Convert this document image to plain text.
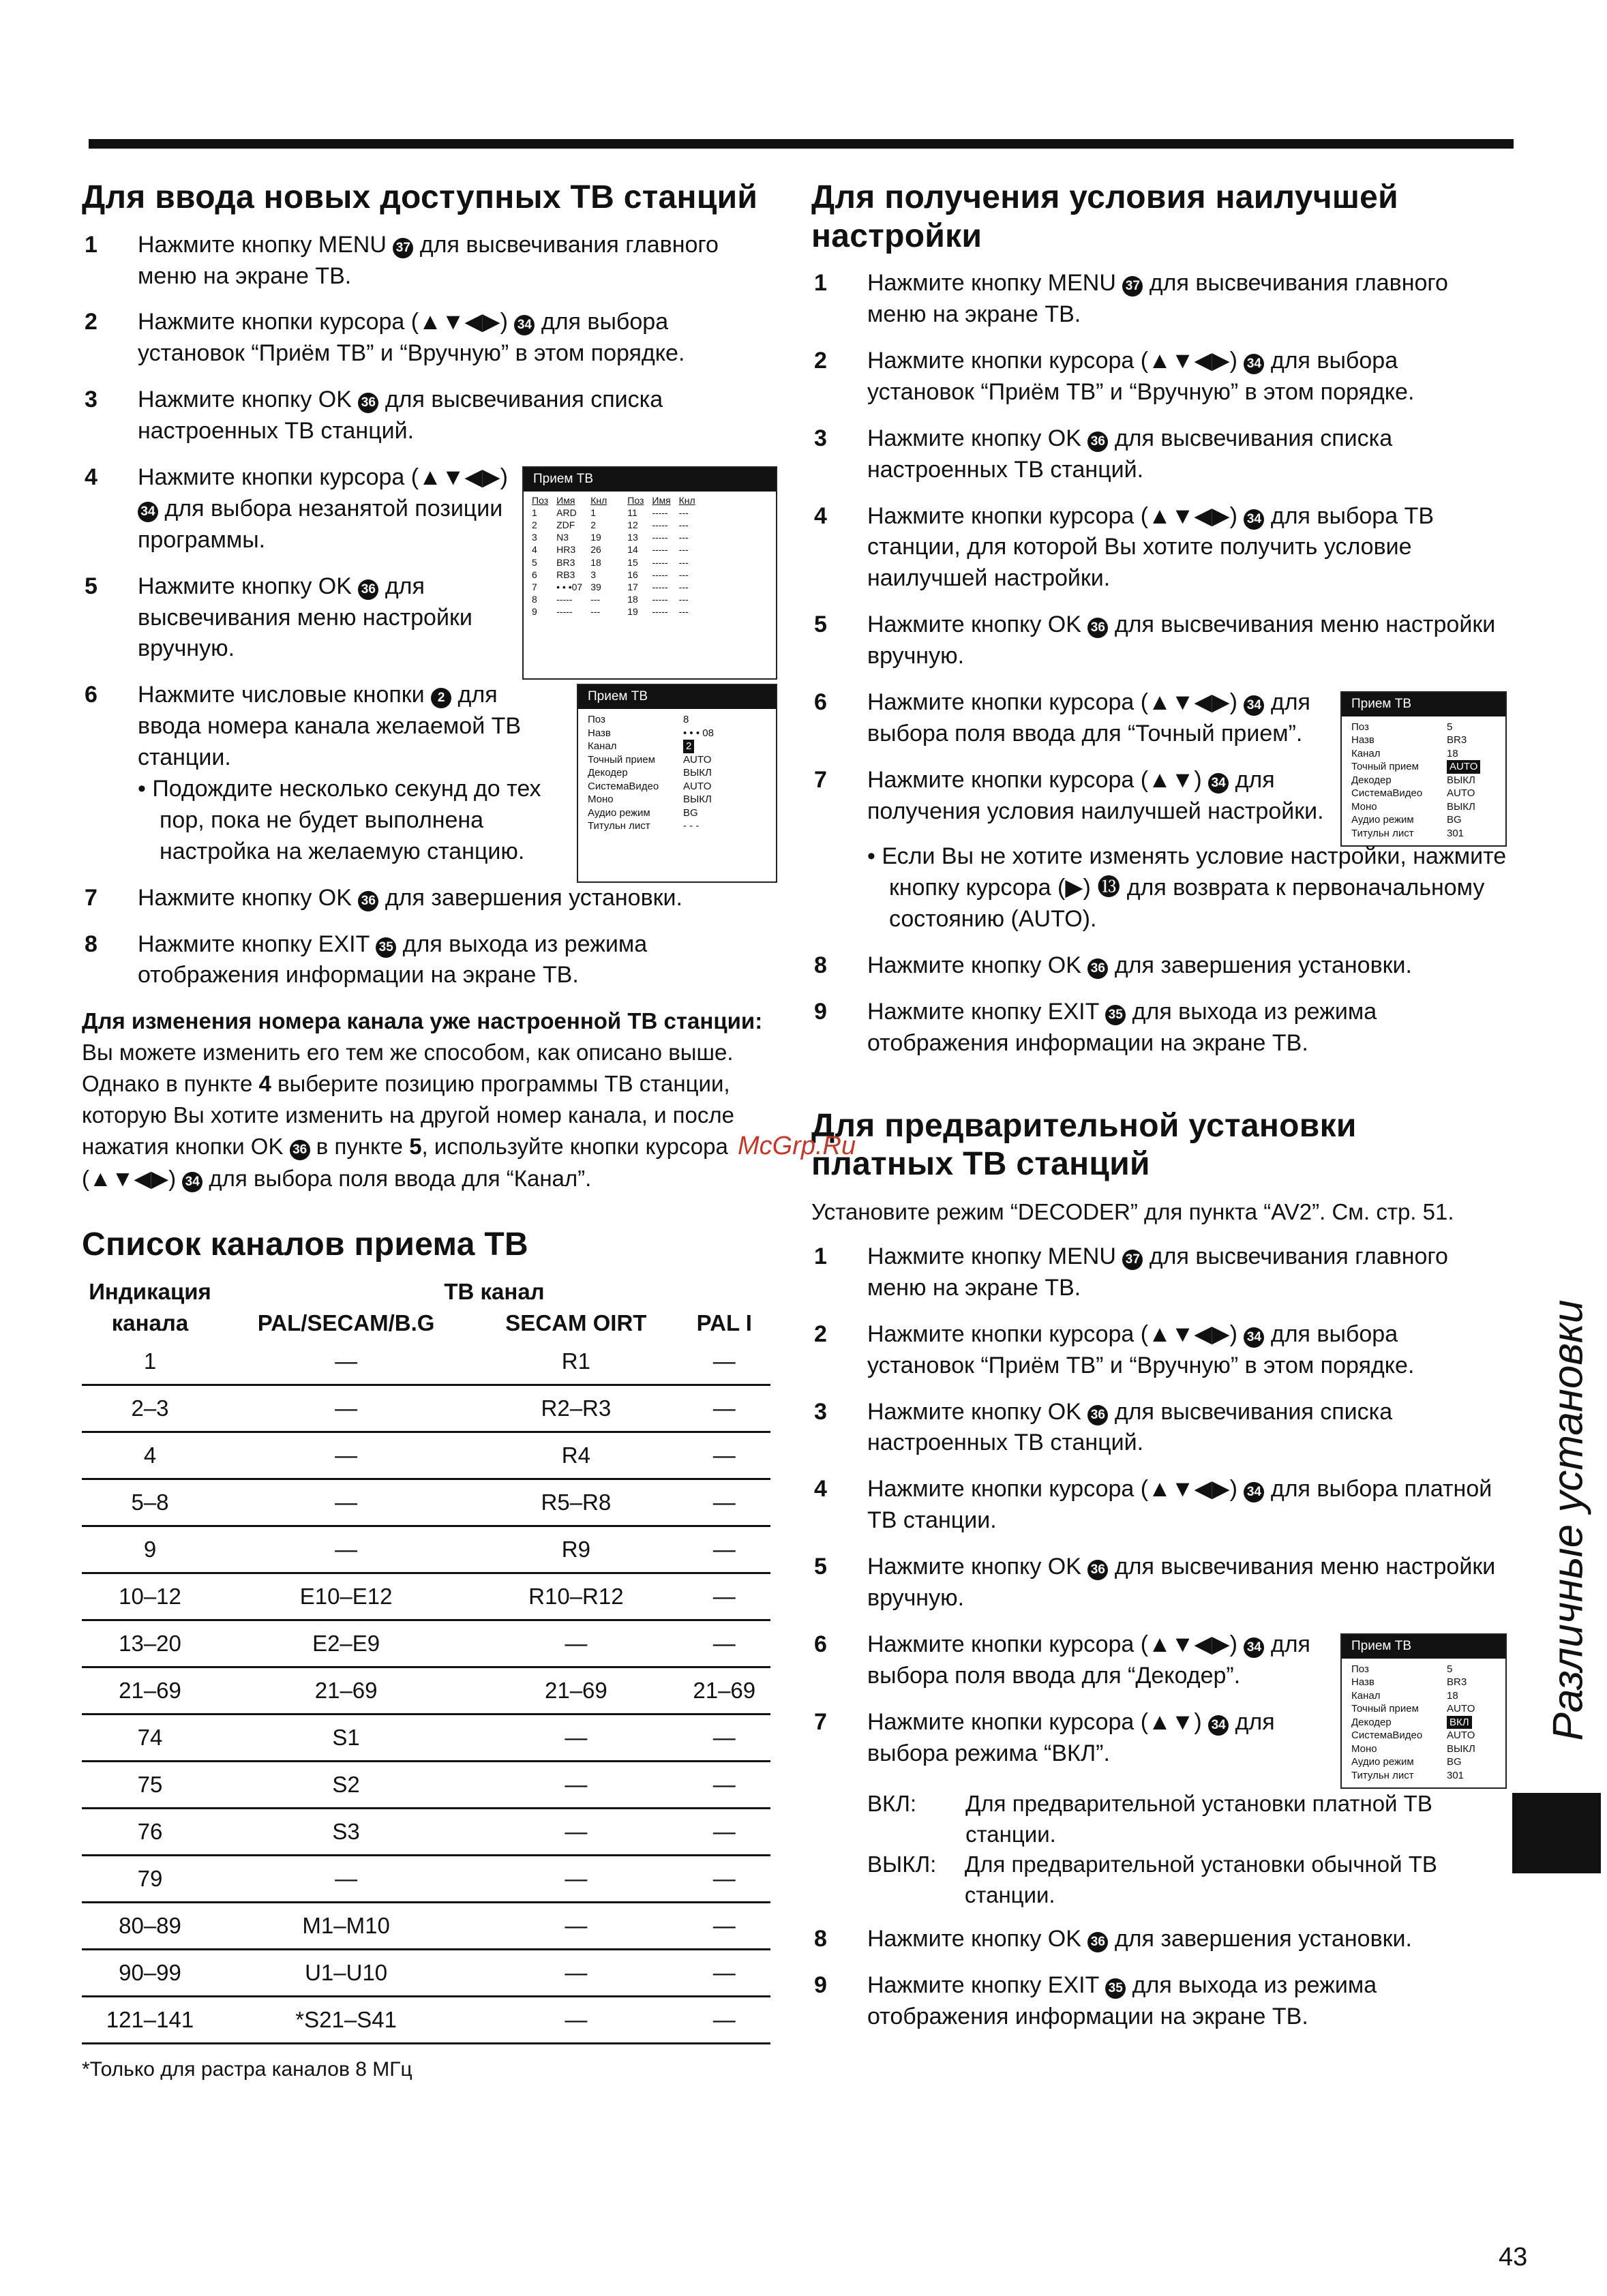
Для ввода новых доступных ТВ станций
1 Нажмите кнопку MENU 37 для высвечивания главного меню на экране ТВ.
2 Нажмите кнопки курсора (▲▼◀▶) 34 для выбора установок “Приём ТВ” и “Вручную” в этом порядке.
3 Нажмите кнопку OK 36 для высвечивания списка настроенных ТВ станций.
4 Нажмите кнопки курсора (▲▼◀▶) 34 для выбора незанятой позиции программы.
5 Нажмите кнопку OK 36 для высвечивания меню настройки вручную.
Прием ТВ
Поз	Имя	Кнл
1	ARD	1
2	ZDF	2
3	N3	19
4	HR3	26
5	BR3	18
6	RB3	3
7	• • •07	39
8	-----	---
9	-----	---
Поз	Имя	Кнл
11	-----	---
12	-----	---
13	-----	---
14	-----	---
15	-----	---
16	-----	---
17	-----	---
18	-----	---
19	-----	---
6 Нажмите числовые кнопки 2 для ввода номера канала желаемой ТВ станции.
• Подождите несколько секунд до тех пор, пока не будет выполнена настройка на желаемую станцию.
Прием ТВ
Поз	8
Назв	• • • 08
Канал	2
Точный прием	AUTO
Декодер	ВЫКЛ
СистемаВидео	AUTO
Моно	ВЫКЛ
Аудио режим	BG
Титульн лист	- - -
7 Нажмите кнопку OK 36 для завершения установки.
8 Нажмите кнопку EXIT 35 для выхода из режима отображения информации на экране ТВ.
Для изменения номера канала уже настроенной ТВ станции:
Вы можете изменить его тем же способом, как описано выше. Однако в пункте 4 выберите позицию программы ТВ станции, которую Вы хотите изменить на другой номер канала, и после нажатия кнопки OK 36 в пункте 5, используйте кнопки курсора (▲▼◀▶) 34 для выбора поля ввода для “Канал”.
Список каналов приема ТВ
Индикация	ТВ канал		
канала	PAL/SECAM/B.G	SECAM OIRT	PAL I
1	—	R1	—
2–3	—	R2–R3	—
4	—	R4	—
5–8	—	R5–R8	—
9	—	R9	—
10–12	E10–E12	R10–R12	—
13–20	E2–E9	—	—
21–69	21–69	21–69	21–69
74	S1	—	—
75	S2	—	—
76	S3	—	—
79	—	—	—
80–89	M1–M10	—	—
90–99	U1–U10	—	—
121–141	*S21–S41	—	—
*Только для растра каналов 8 МГц
Для получения условия наилучшей настройки
1 Нажмите кнопку MENU 37 для высвечивания главного меню на экране ТВ.
2 Нажмите кнопки курсора (▲▼◀▶) 34 для выбора установок “Приём ТВ” и “Вручную” в этом порядке.
3 Нажмите кнопку OK 36 для высвечивания списка настроенных ТВ станций.
4 Нажмите кнопки курсора (▲▼◀▶) 34 для выбора ТВ станции, для которой Вы хотите получить условие наилучшей настройки.
5 Нажмите кнопку OK 36 для высвечивания меню настройки вручную.
6 Нажмите кнопки курсора (▲▼◀▶) 34 для выбора поля ввода для “Точный прием”.
7 Нажмите кнопки курсора (▲▼) 34 для получения условия наилучшей настройки.
Прием ТВ
Поз	5
Назв	BR3
Канал	18
Точный прием	AUTO
Декодер	ВЫКЛ
СистемаВидео	AUTO
Моно	ВЫКЛ
Аудио режим	BG
Титульн лист	301
• Если Вы не хотите изменять условие настройки, нажмите кнопку курсора (▶) ⓭ для возврата к первоначальному состоянию (AUTO).
8 Нажмите кнопку OK 36 для завершения установки.
9 Нажмите кнопку EXIT 35 для выхода из режима отображения информации на экране ТВ.
Для предварительной установки платных ТВ станций
Установите режим “DECODER” для пункта “AV2”. См. стр. 51.
1 Нажмите кнопку MENU 37 для высвечивания главного меню на экране ТВ.
2 Нажмите кнопки курсора (▲▼◀▶) 34 для выбора установок “Приём ТВ” и “Вручную” в этом порядке.
3 Нажмите кнопку OK 36 для высвечивания списка настроенных ТВ станций.
4 Нажмите кнопки курсора (▲▼◀▶) 34 для выбора платной ТВ станции.
5 Нажмите кнопку OK 36 для высвечивания меню настройки вручную.
6 Нажмите кнопки курсора (▲▼◀▶) 34 для выбора поля ввода для “Декодер”.
7 Нажмите кнопки курсора (▲▼) 34 для выбора режима “ВКЛ”.
Прием ТВ
Поз	5
Назв	BR3
Канал	18
Точный прием	AUTO
Декодер	ВКЛ
СистемаВидео	AUTO
Моно	ВЫКЛ
Аудио режим	BG
Титульн лист	301
ВКЛ:	Для предварительной установки платной ТВ станции.
ВЫКЛ:	Для предварительной установки обычной ТВ станции.
8 Нажмите кнопку OK 36 для завершения установки.
9 Нажмите кнопку EXIT 35 для выхода из режима отображения информации на экране ТВ.
McGrp.Ru
Различные установки
43
